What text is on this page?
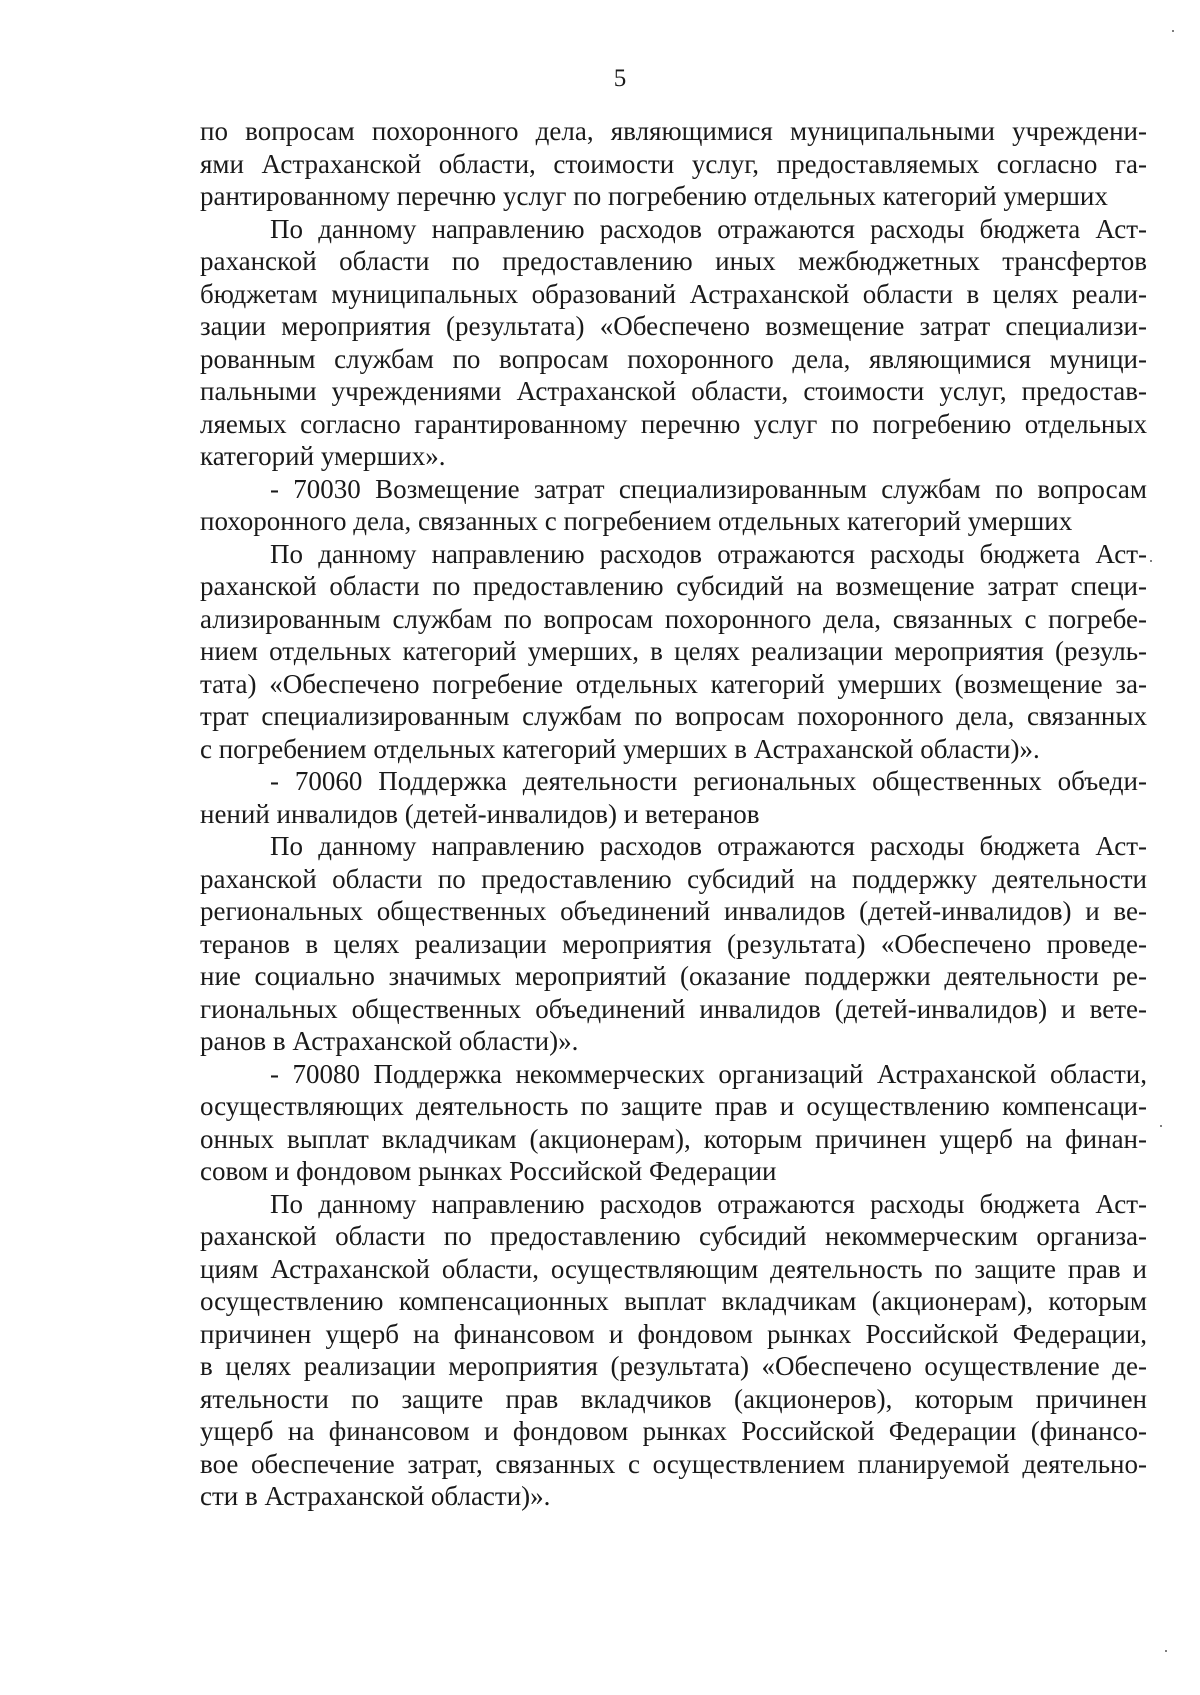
5
по вопросам похоронного дела, являющимися муниципальными учреждени-
ями Астраханской области, стоимости услуг, предоставляемых согласно га-
рантированному перечню услуг по погребению отдельных категорий умерших
По данному направлению расходов отражаются расходы бюджета Аст-
раханской области по предоставлению иных межбюджетных трансфертов
бюджетам муниципальных образований Астраханской области в целях реали-
зации мероприятия (результата) «Обеспечено возмещение затрат специализи-
рованным службам по вопросам похоронного дела, являющимися муници-
пальными учреждениями Астраханской области, стоимости услуг, предостав-
ляемых согласно гарантированному перечню услуг по погребению отдельных
категорий умерших».
- 70030 Возмещение затрат специализированным службам по вопросам
похоронного дела, связанных с погребением отдельных категорий умерших
По данному направлению расходов отражаются расходы бюджета Аст-
раханской области по предоставлению субсидий на возмещение затрат специ-
ализированным службам по вопросам похоронного дела, связанных с погребе-
нием отдельных категорий умерших, в целях реализации мероприятия (резуль-
тата) «Обеспечено погребение отдельных категорий умерших (возмещение за-
трат специализированным службам по вопросам похоронного дела, связанных
с погребением отдельных категорий умерших в Астраханской области)».
- 70060 Поддержка деятельности региональных общественных объеди-
нений инвалидов (детей-инвалидов) и ветеранов
По данному направлению расходов отражаются расходы бюджета Аст-
раханской области по предоставлению субсидий на поддержку деятельности
региональных общественных объединений инвалидов (детей-инвалидов) и ве-
теранов в целях реализации мероприятия (результата) «Обеспечено проведе-
ние социально значимых мероприятий (оказание поддержки деятельности ре-
гиональных общественных объединений инвалидов (детей-инвалидов) и вете-
ранов в Астраханской области)».
- 70080 Поддержка некоммерческих организаций Астраханской области,
осуществляющих деятельность по защите прав и осуществлению компенсаци-
онных выплат вкладчикам (акционерам), которым причинен ущерб на финан-
совом и фондовом рынках Российской Федерации
По данному направлению расходов отражаются расходы бюджета Аст-
раханской области по предоставлению субсидий некоммерческим организа-
циям Астраханской области, осуществляющим деятельность по защите прав и
осуществлению компенсационных выплат вкладчикам (акционерам), которым
причинен ущерб на финансовом и фондовом рынках Российской Федерации,
в целях реализации мероприятия (результата) «Обеспечено осуществление де-
ятельности по защите прав вкладчиков (акционеров), которым причинен
ущерб на финансовом и фондовом рынках Российской Федерации (финансо-
вое обеспечение затрат, связанных с осуществлением планируемой деятельно-
сти в Астраханской области)».
